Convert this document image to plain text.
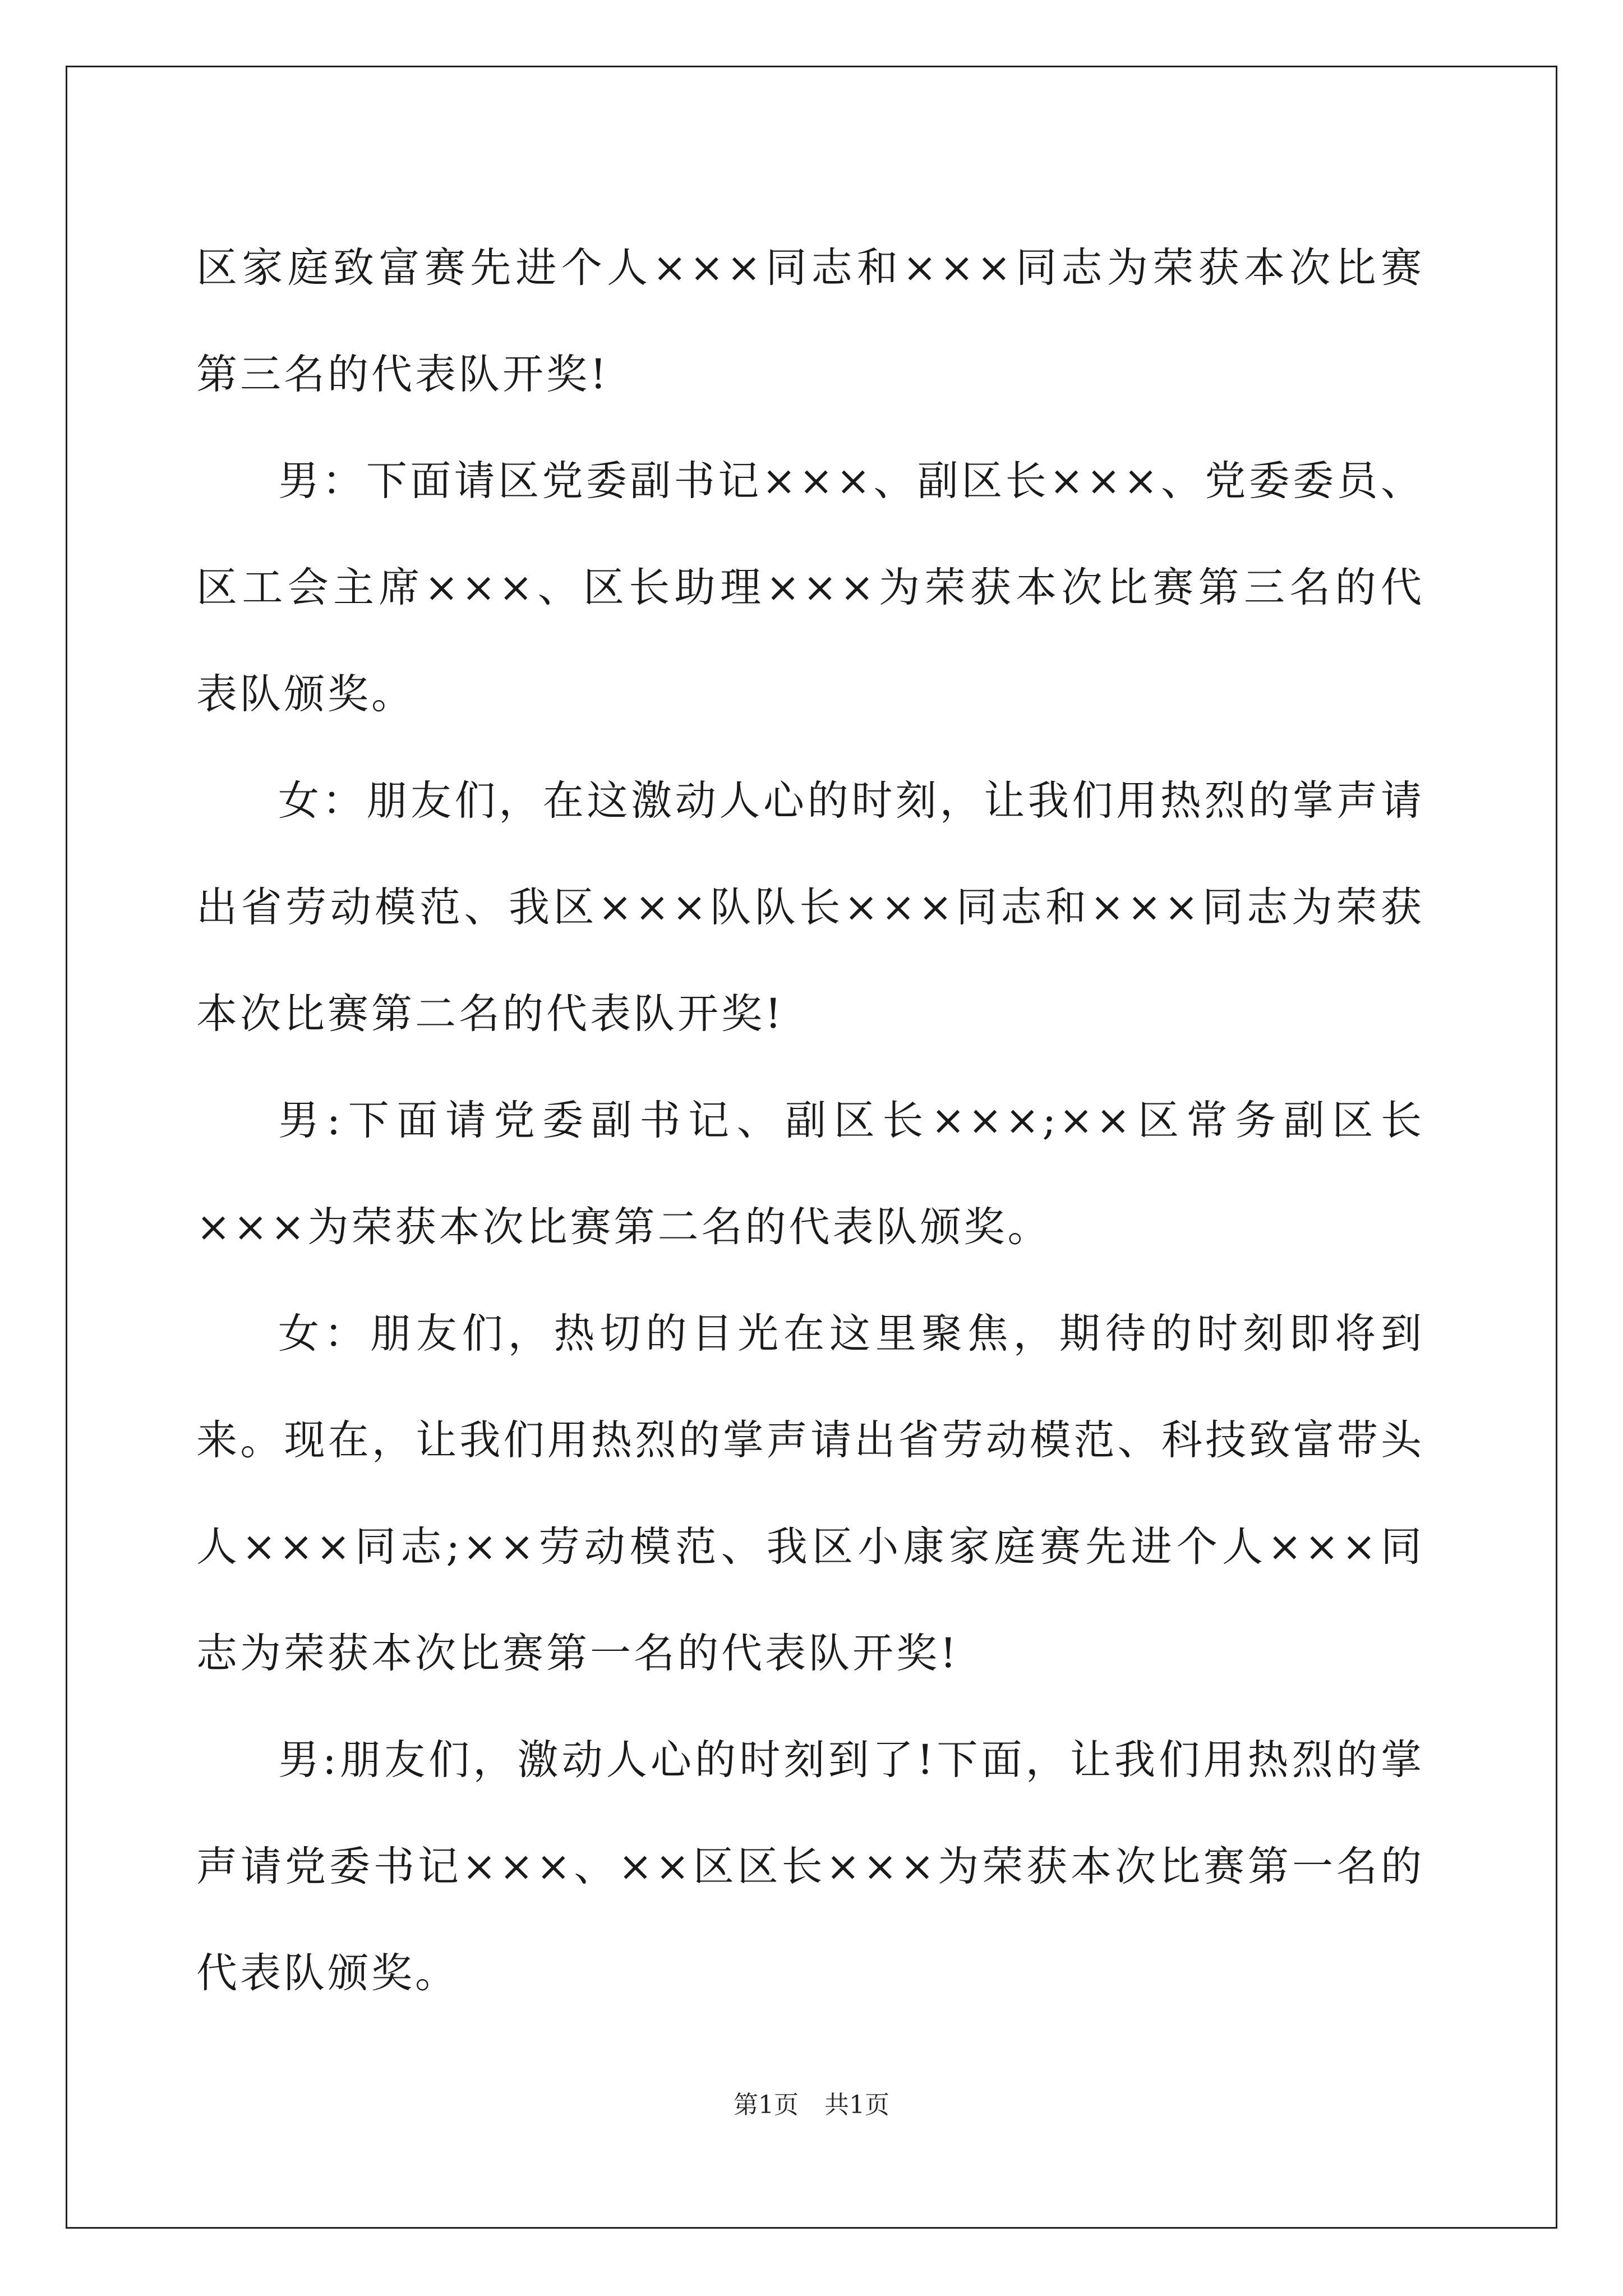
区家庭致富赛先进个人×××同志和×××同志为荣获本次比赛第三名的代表队开奖!

男：下面请区党委副书记×××、副区长×××、党委委员、区工会主席×××、区长助理×××为荣获本次比赛第三名的代表队颁奖。

女：朋友们，在这激动人心的时刻，让我们用热烈的掌声请出省劳动模范、我区×××队队长×××同志和×××同志为荣获本次比赛第二名的代表队开奖!

男:下面请党委副书记、副区长×××;××区常务副区长×××为荣获本次比赛第二名的代表队颁奖。

女：朋友们，热切的目光在这里聚焦，期待的时刻即将到来。现在，让我们用热烈的掌声请出省劳动模范、科技致富带头人×××同志;××劳动模范、我区小康家庭赛先进个人×××同志为荣获本次比赛第一名的代表队开奖!

男:朋友们，激动人心的时刻到了!下面，让我们用热烈的掌声请党委书记×××、××区区长×××为荣获本次比赛第一名的代表队颁奖。

第1页 共1页
